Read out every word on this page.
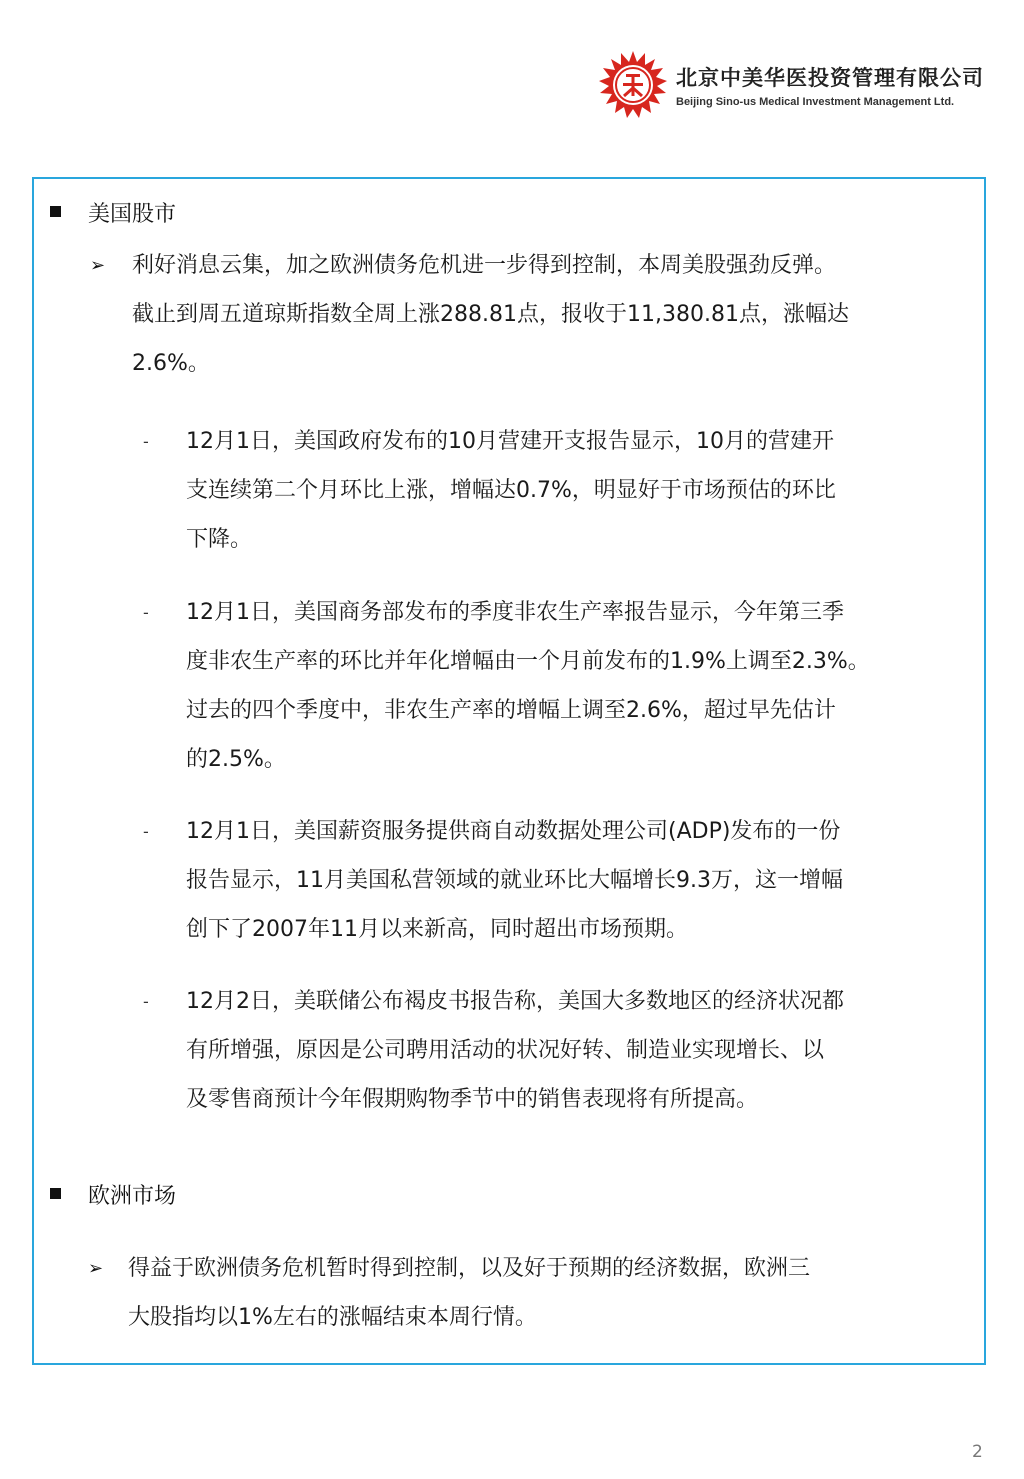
北京中美华医投资管理有限公司
Beijing Sino-us Medical Investment Management Ltd.
美国股市
➢ 利好消息云集，加之欧洲债务危机进一步得到控制，本周美股强劲反弹。
截止到周五道琼斯指数全周上涨288.81点，报收于11,380.81点，涨幅达
2.6%。

- 12月1日，美国政府发布的10月营建开支报告显示，10月的营建开
支连续第二个月环比上涨，增幅达0.7%，明显好于市场预估的环比
下降。

- 12月1日，美国商务部发布的季度非农生产率报告显示，今年第三季
度非农生产率的环比并年化增幅由一个月前发布的1.9%上调至2.3%。
过去的四个季度中，非农生产率的增幅上调至2.6%，超过早先估计
的2.5%。

- 12月1日，美国薪资服务提供商自动数据处理公司(ADP)发布的一份
报告显示，11月美国私营领域的就业环比大幅增长9.3万，这一增幅
创下了2007年11月以来新高，同时超出市场预期。

- 12月2日，美联储公布褐皮书报告称，美国大多数地区的经济状况都
有所增强，原因是公司聘用活动的状况好转、制造业实现增长、以
及零售商预计今年假期购物季节中的销售表现将有所提高。

欧洲市场
➢ 得益于欧洲债务危机暂时得到控制，以及好于预期的经济数据，欧洲三
大股指均以1%左右的涨幅结束本周行情。

2
